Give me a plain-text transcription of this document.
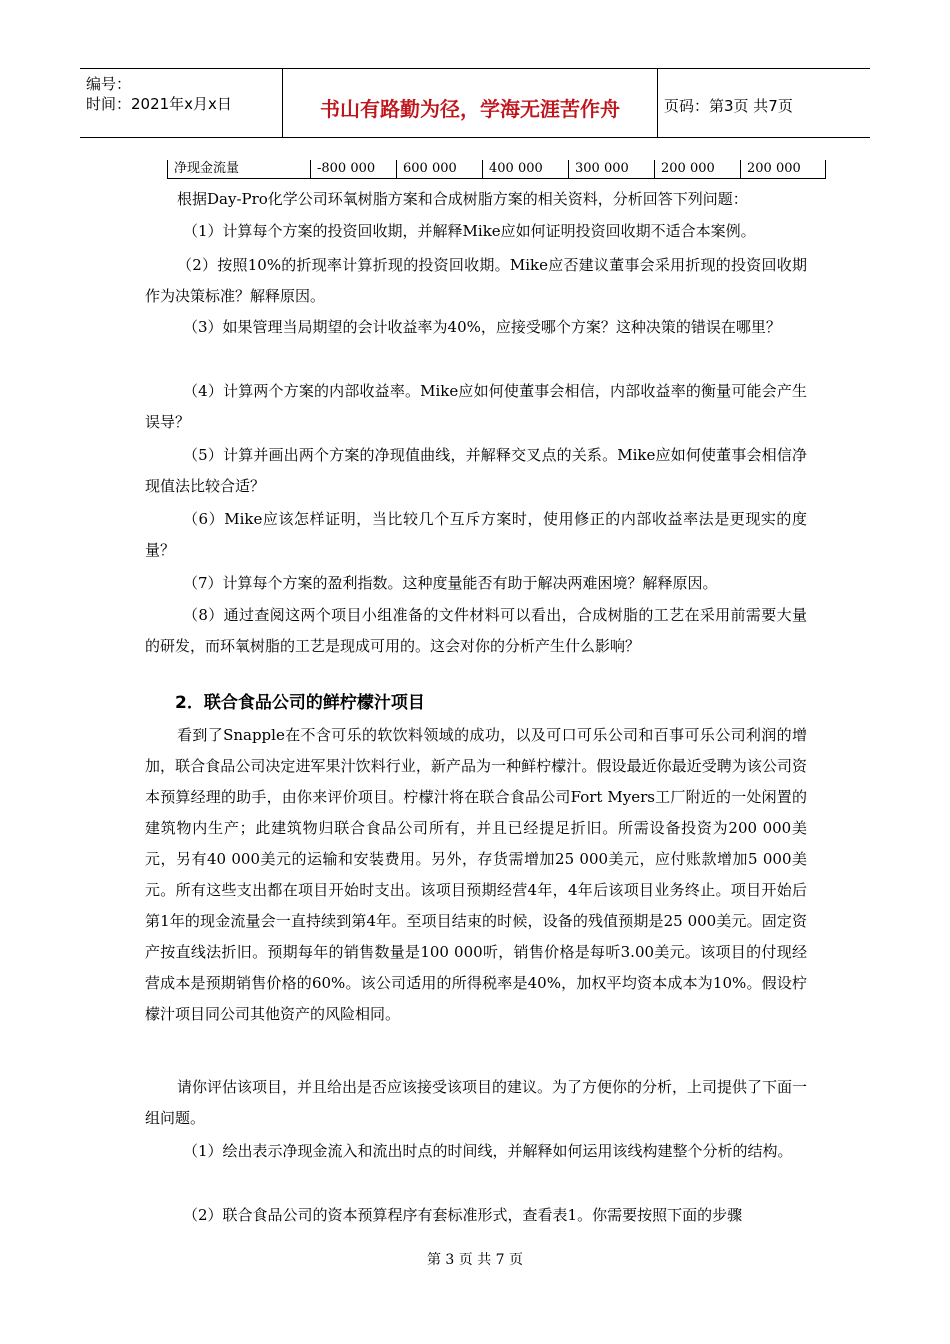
编号：
时间：2021年x月x日	书山有路勤为径，学海无涯苦作舟	页码：第3页 共7页
净现金流量	-800 000	600 000	400 000	300 000	200 000	200 000

根据Day-Pro化学公司环氧树脂方案和合成树脂方案的相关资料，分析回答下列问题：

（1）计算每个方案的投资回收期，并解释Mike应如何证明投资回收期不适合本案例。

（2）按照10%的折现率计算折现的投资回收期。Mike应否建议董事会采用折现的投资回收期作为决策标准？解释原因。

（3）如果管理当局期望的会计收益率为40%，应接受哪个方案？这种决策的错误在哪里？

（4）计算两个方案的内部收益率。Mike应如何使董事会相信，内部收益率的衡量可能会产生误导？

（5）计算并画出两个方案的净现值曲线，并解释交叉点的关系。Mike应如何使董事会相信净现值法比较合适？

（6）Mike应该怎样证明，当比较几个互斥方案时，使用修正的内部收益率法是更现实的度量？

（7）计算每个方案的盈利指数。这种度量能否有助于解决两难困境？解释原因。

（8）通过查阅这两个项目小组准备的文件材料可以看出，合成树脂的工艺在采用前需要大量的研发，而环氧树脂的工艺是现成可用的。这会对你的分析产生什么影响？

2．联合食品公司的鲜柠檬汁项目

看到了Snapple在不含可乐的软饮料领域的成功，以及可口可乐公司和百事可乐公司利润的增加，联合食品公司决定进军果汁饮料行业，新产品为一种鲜柠檬汁。假设最近你最近受聘为该公司资本预算经理的助手，由你来评价项目。柠檬汁将在联合食品公司Fort Myers工厂附近的一处闲置的建筑物内生产；此建筑物归联合食品公司所有，并且已经提足折旧。所需设备投资为200 000美元，另有40 000美元的运输和安装费用。另外，存货需增加25 000美元，应付账款增加5 000美元。所有这些支出都在项目开始时支出。该项目预期经营4年，4年后该项目业务终止。项目开始后第1年的现金流量会一直持续到第4年。至项目结束的时候，设备的残值预期是25 000美元。固定资产按直线法折旧。预期每年的销售数量是100 000听，销售价格是每听3.00美元。该项目的付现经营成本是预期销售价格的60%。该公司适用的所得税率是40%，加权平均资本成本为10%。假设柠檬汁项目同公司其他资产的风险相同。

请你评估该项目，并且给出是否应该接受该项目的建议。为了方便你的分析，上司提供了下面一组问题。

（1）绘出表示净现金流入和流出时点的时间线，并解释如何运用该线构建整个分析的结构。

（2）联合食品公司的资本预算程序有套标准形式，查看表1。你需要按照下面的步骤

第 3 页 共 7 页
